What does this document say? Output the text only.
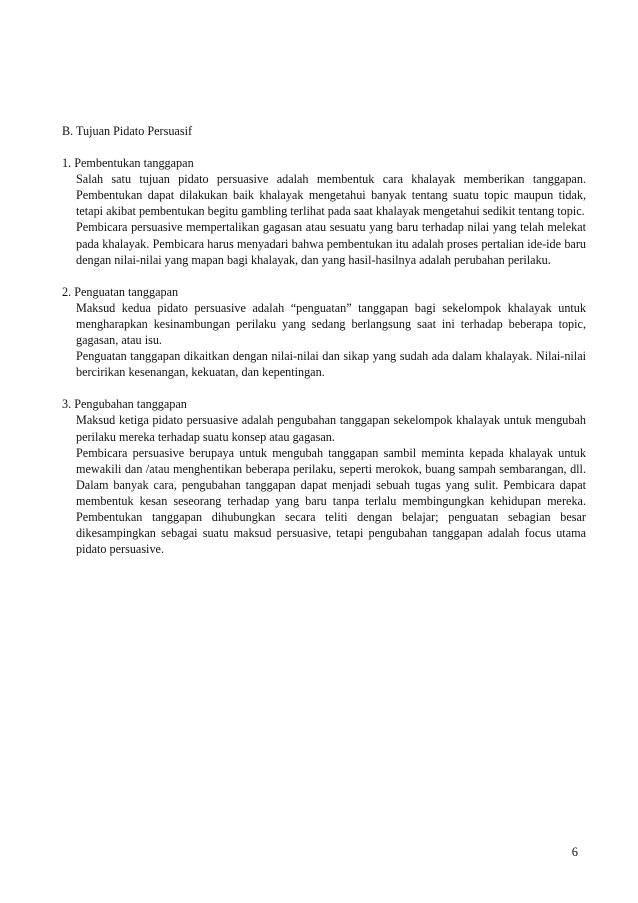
B. Tujuan Pidato Persuasif

1. Pembentukan tanggapan

Salah satu tujuan pidato persuasive adalah membentuk cara khalayak memberikan tanggapan. Pembentukan dapat dilakukan baik khalayak mengetahui banyak tentang suatu topic maupun tidak, tetapi akibat pembentukan begitu gambling terlihat pada saat khalayak mengetahui sedikit tentang topic.

Pembicara persuasive mempertalikan gagasan atau sesuatu yang baru terhadap nilai yang telah melekat pada khalayak. Pembicara harus menyadari bahwa pembentukan itu adalah proses pertalian ide-ide baru dengan nilai-nilai yang mapan bagi khalayak, dan yang hasil-hasilnya adalah perubahan perilaku.

2. Penguatan tanggapan

Maksud kedua pidato persuasive adalah “penguatan” tanggapan bagi sekelompok khalayak untuk mengharapkan kesinambungan perilaku yang sedang berlangsung saat ini terhadap beberapa topic, gagasan, atau isu.

Penguatan tanggapan dikaitkan dengan nilai-nilai dan sikap yang sudah ada dalam khalayak. Nilai-nilai bercirikan kesenangan, kekuatan, dan kepentingan.

3. Pengubahan tanggapan

Maksud ketiga pidato persuasive adalah pengubahan tanggapan sekelompok khalayak untuk mengubah perilaku mereka terhadap suatu konsep atau gagasan.

Pembicara persuasive berupaya untuk mengubah tanggapan sambil meminta kepada khalayak untuk mewakili dan /atau menghentikan beberapa perilaku, seperti merokok, buang sampah sembarangan, dll. Dalam banyak cara, pengubahan tanggapan dapat menjadi sebuah tugas yang sulit. Pembicara dapat membentuk kesan seseorang terhadap yang baru tanpa terlalu membingungkan kehidupan mereka. Pembentukan tanggapan dihubungkan secara teliti dengan belajar; penguatan sebagian besar dikesampingkan sebagai suatu maksud persuasive, tetapi pengubahan tanggapan adalah focus utama pidato persuasive.

6
